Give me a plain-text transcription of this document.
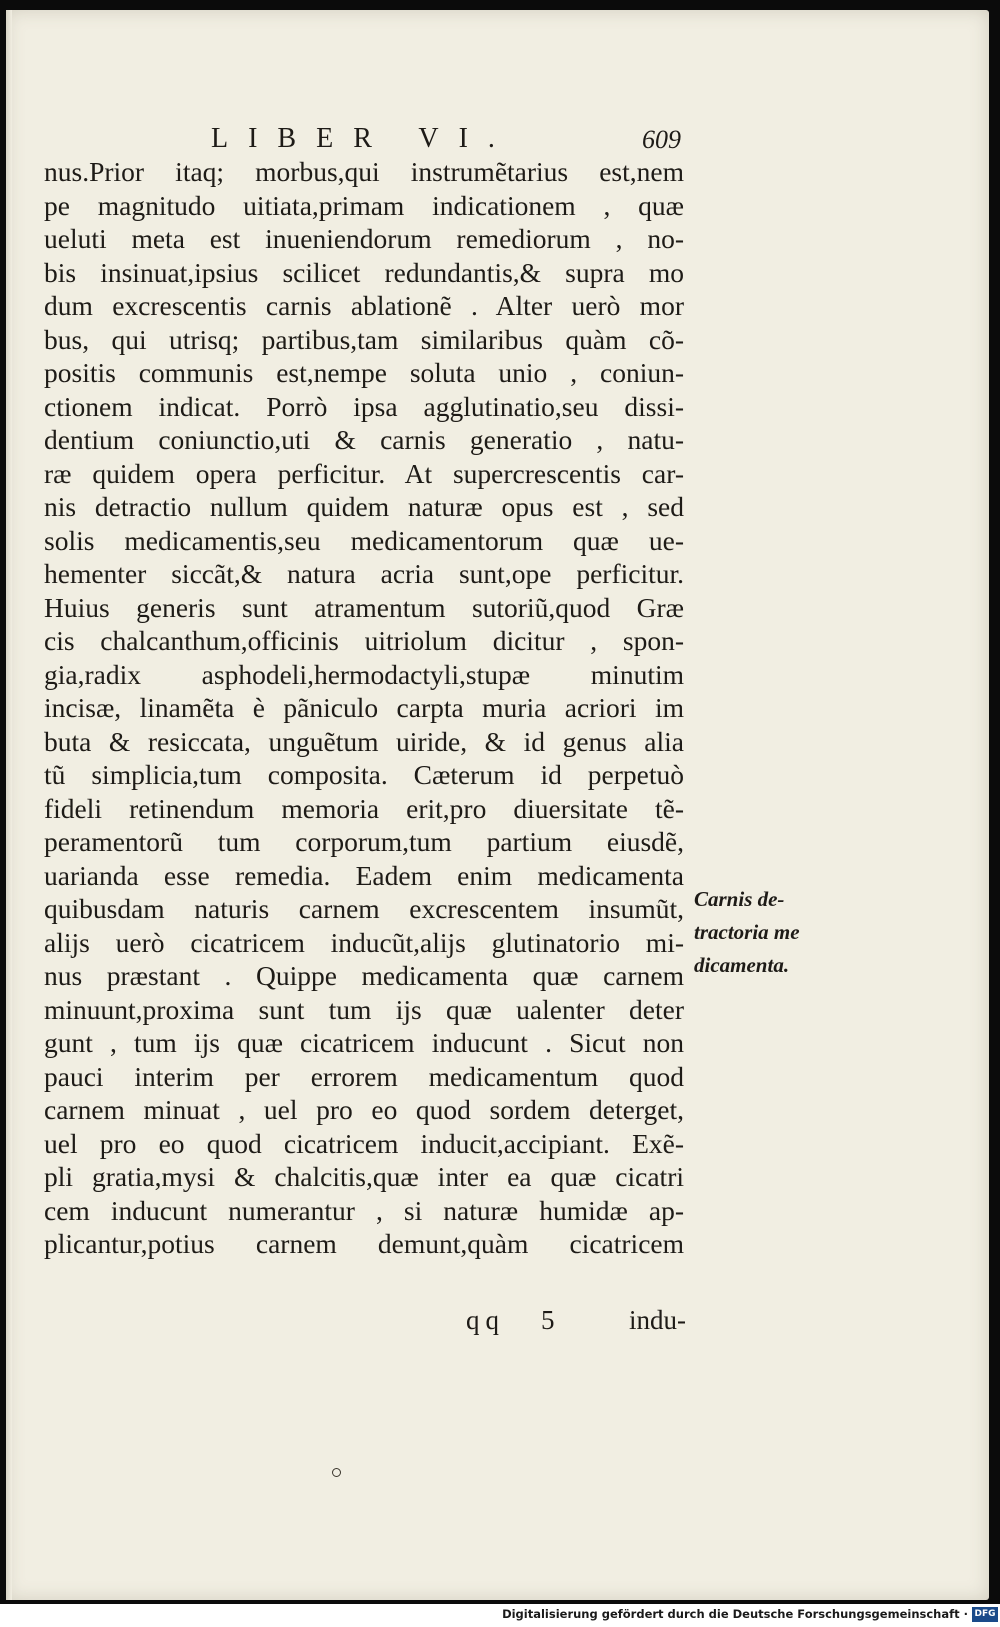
LIBER VI.	609
nus.Prior itaq; morbus,qui instrumẽtarius est,nem
pe magnitudo uitiata,primam indicationem , quæ
ueluti meta est inueniendorum remediorum , no-
bis insinuat,ipsius scilicet redundantis,& supra mo
dum excrescentis carnis ablationẽ . Alter uerò mor
bus, qui utrisq; partibus,tam similaribus quàm cõ-
positis communis est,nempe soluta unio , coniun-
ctionem indicat. Porrò ipsa agglutinatio,seu dissi-
dentium coniunctio,uti & carnis generatio , natu-
ræ quidem opera perficitur. At supercrescentis car-
nis detractio nullum quidem naturæ opus est , sed
solis medicamentis,seu medicamentorum quæ ue-
hementer siccãt,& natura acria sunt,ope perficitur.
Huius generis sunt atramentum sutoriũ,quod Græ
cis chalcanthum,officinis uitriolum dicitur , spon-
gia,radix asphodeli,hermodactyli,stupæ minutim
incisæ, linamẽta è pãniculo carpta muria acriori im
buta & resiccata, unguẽtum uiride, & id genus alia
tũ simplicia,tum composita. Cæterum id perpetuò
fideli retinendum memoria erit,pro diuersitate tẽ-
peramentorũ tum corporum,tum partium eiusdẽ,
uarianda esse remedia. Eadem enim medicamenta
quibusdam naturis carnem excrescentem insumũt,
alijs uerò cicatricem inducũt,alijs glutinatorio mi-
nus præstant . Quippe medicamenta quæ carnem
minuunt,proxima sunt tum ijs quæ ualenter deter
gunt , tum ijs quæ cicatricem inducunt . Sicut non
pauci interim per errorem medicamentum quod
carnem minuat , uel pro eo quod sordem deterget,
uel pro eo quod cicatricem inducit,accipiant. Exẽ-
pli gratia,mysi & chalcitis,quæ inter ea quæ cicatri
cem inducunt numerantur , si naturæ humidæ ap-
plicantur,potius carnem demunt,quàm cicatricem
Carnis de-
tractoria me
dicamenta.
qq 5	indu-
Digitalisierung gefördert durch die Deutsche Forschungsgemeinschaft · DFG
